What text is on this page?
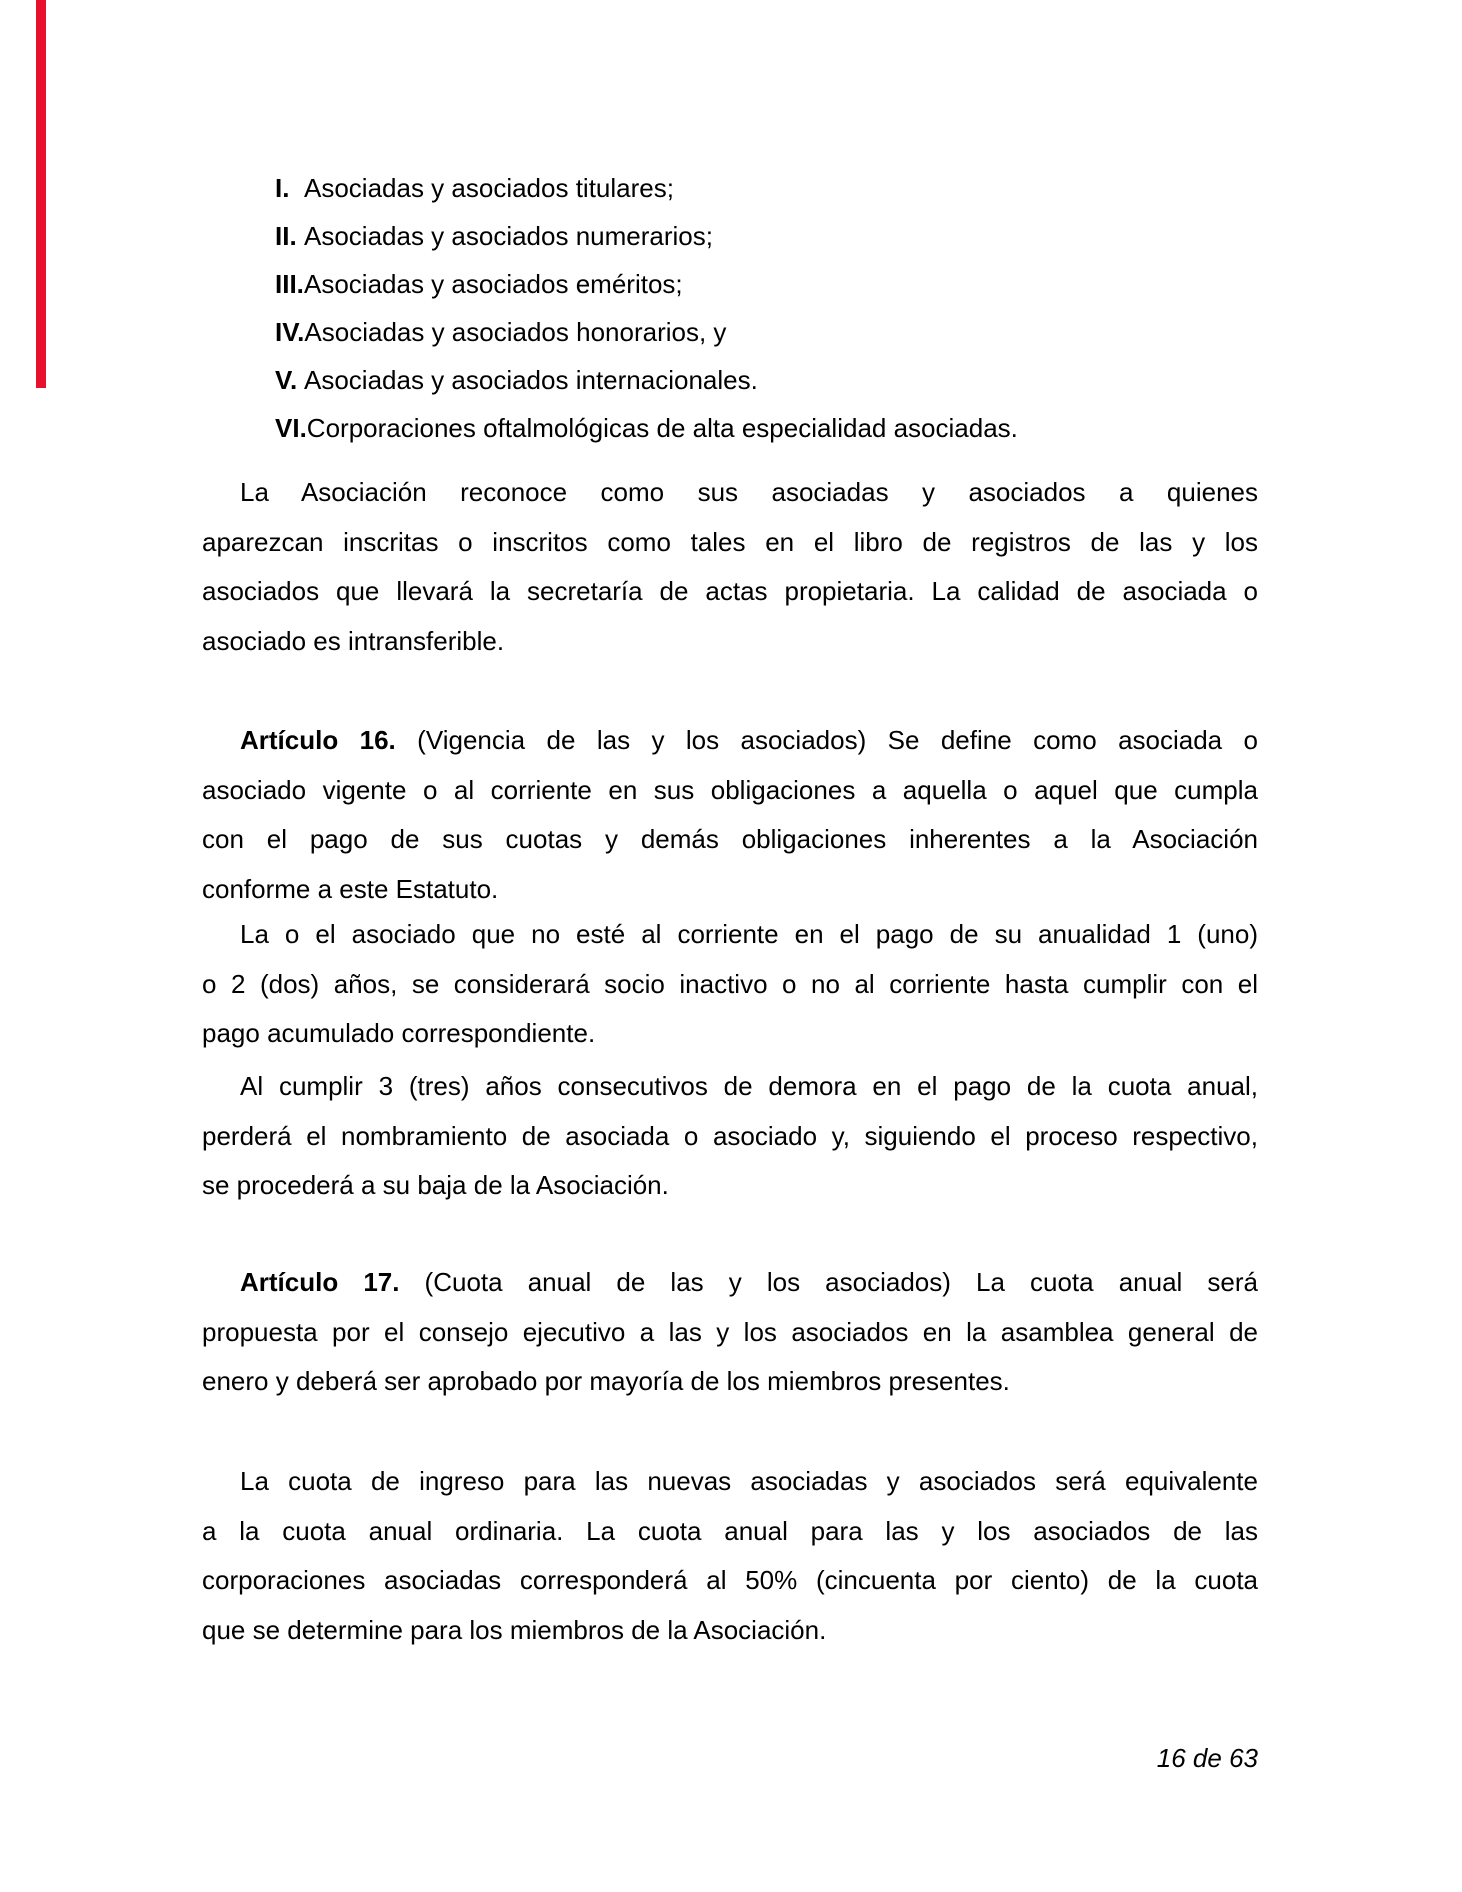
I. Asociadas y asociados titulares;
II. Asociadas y asociados numerarios;
III. Asociadas y asociados eméritos;
IV. Asociadas y asociados honorarios, y
V. Asociadas y asociados internacionales.
VI. Corporaciones oftalmológicas de alta especialidad asociadas.
La Asociación reconoce como sus asociadas y asociados a quienes
aparezcan inscritas o inscritos como tales en el libro de registros de las y los
asociados que llevará la secretaría de actas propietaria. La calidad de asociada o
asociado es intransferible.
Artículo 16. (Vigencia de las y los asociados) Se define como asociada o
asociado vigente o al corriente en sus obligaciones a aquella o aquel que cumpla
con el pago de sus cuotas y demás obligaciones inherentes a la Asociación
conforme a este Estatuto.
La o el asociado que no esté al corriente en el pago de su anualidad 1 (uno)
o 2 (dos) años, se considerará socio inactivo o no al corriente hasta cumplir con el
pago acumulado correspondiente.
Al cumplir 3 (tres) años consecutivos de demora en el pago de la cuota anual,
perderá el nombramiento de asociada o asociado y, siguiendo el proceso respectivo,
se procederá a su baja de la Asociación.
Artículo 17. (Cuota anual de las y los asociados) La cuota anual será
propuesta por el consejo ejecutivo a las y los asociados en la asamblea general de
enero y deberá ser aprobado por mayoría de los miembros presentes.
La cuota de ingreso para las nuevas asociadas y asociados será equivalente
a la cuota anual ordinaria. La cuota anual para las y los asociados de las
corporaciones asociadas corresponderá al 50% (cincuenta por ciento) de la cuota
que se determine para los miembros de la Asociación.
16 de 63
